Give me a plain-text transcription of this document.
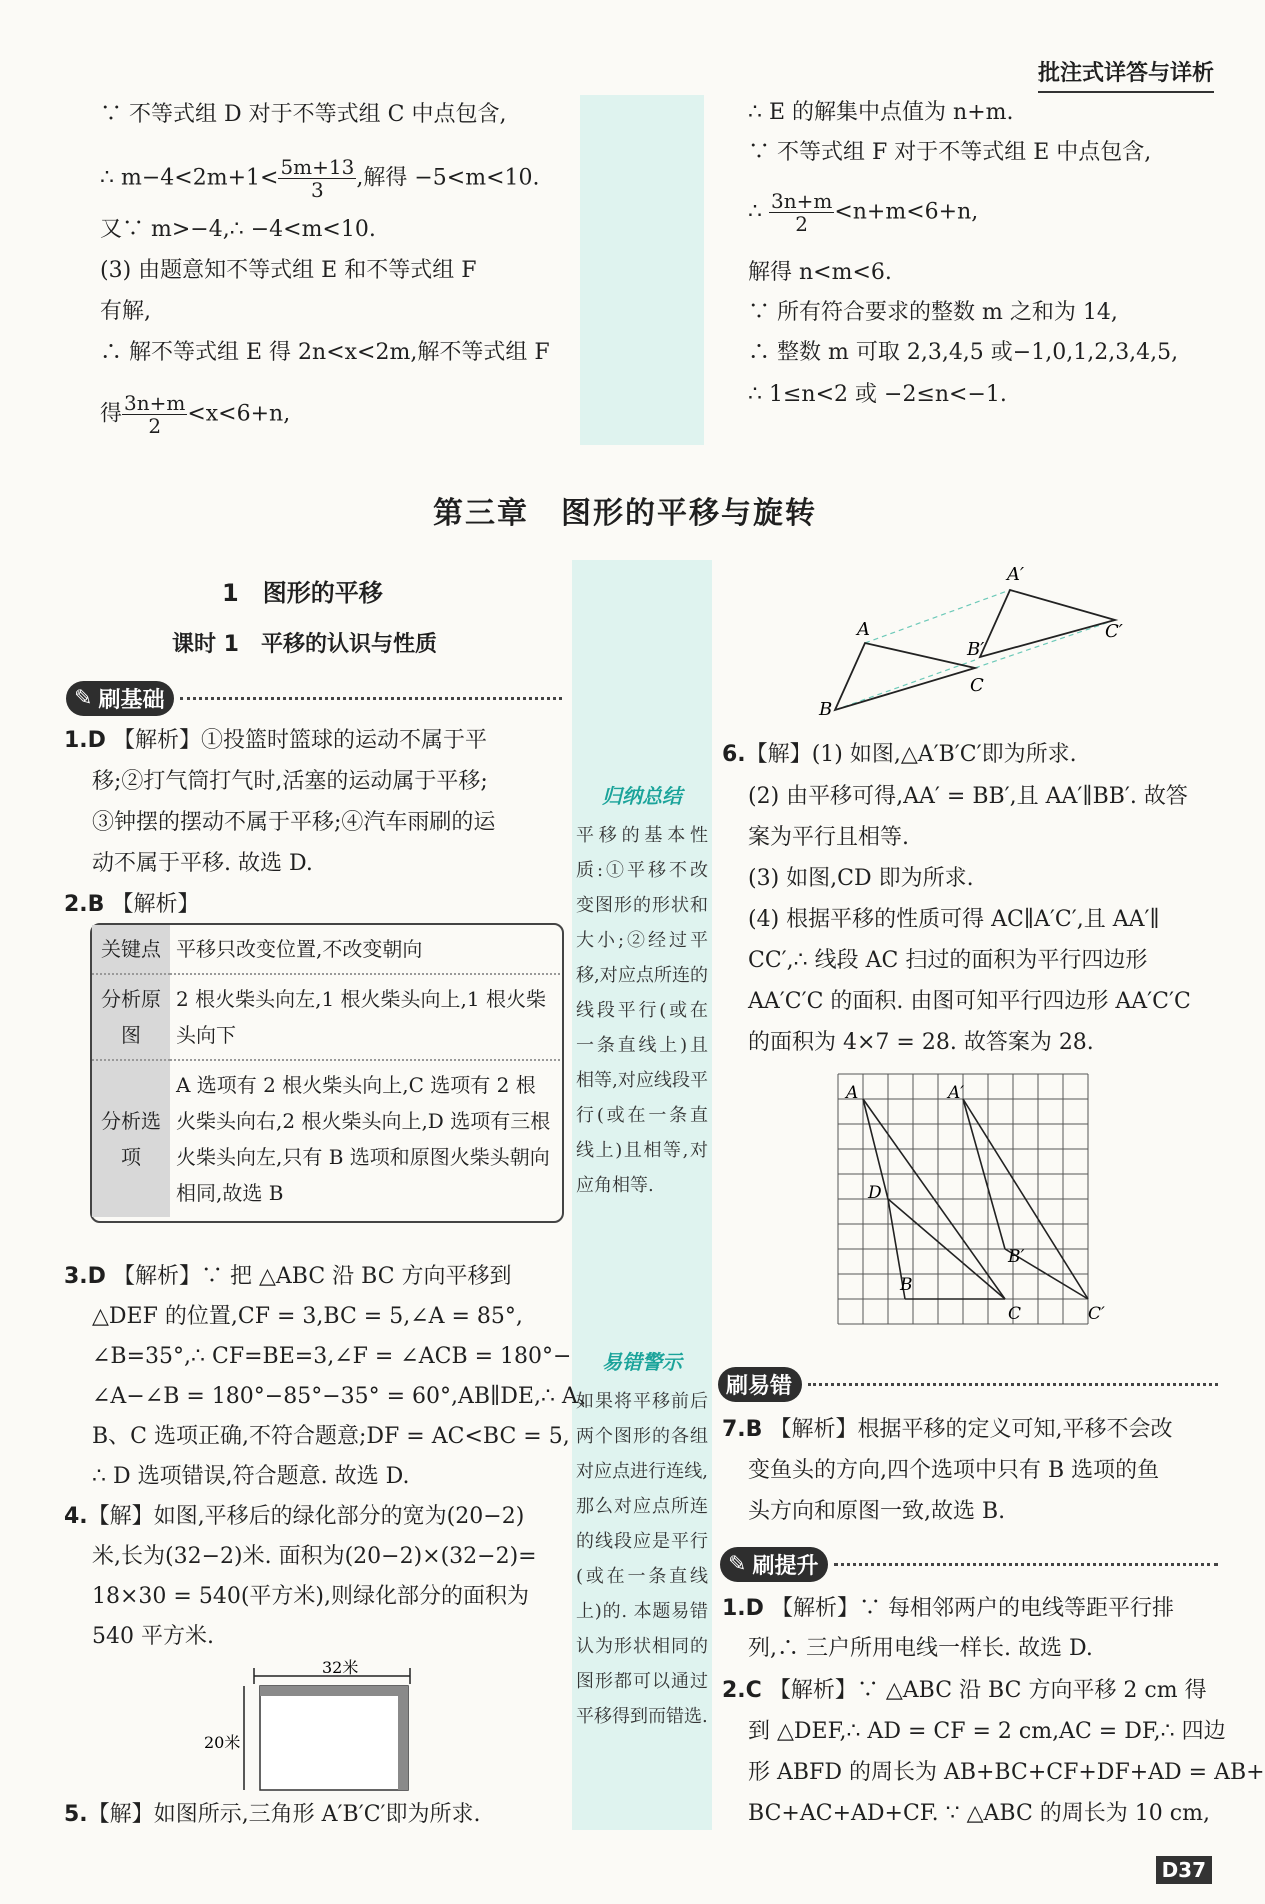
批注式详答与详析
∵ 不等式组 D 对于不等式组 C 中点包含,
∴ $m-4<2m+1< \frac{5m+13}{3}$ ,解得 −5<m<10.
又∵ m>−4,∴ −4<m<10.
(3) 由题意知不等式组 E 和不等式组 F
有解,
∴ 解不等式组 E 得 2n<x<2m,解不等式组 F
得 $\frac{3n+m}{2} <x<6+n$,
∴ E 的解集中点值为 n+m.
∵ 不等式组 F 对于不等式组 E 中点包含,
∴ $\frac{3n+m}{2} <n+m<6+n$,
解得 n<m<6.
∵ 所有符合要求的整数 m 之和为 14,
∴ 整数 m 可取 2,3,4,5 或−1,0,1,2,3,4,5,
∴ 1≤n<2 或 −2≤n<−1.
第三章　图形的平移与旋转
1　图形的平移
课时 1　平移的认识与性质
✎ 刷基础
1.D 【解析】①投篮时篮球的运动不属于平
移;②打气筒打气时,活塞的运动属于平移;
③钟摆的摆动不属于平移;④汽车雨刷的运
动不属于平移. 故选 D.
2.B 【解析】
关键点	平移只改变位置,不改变朝向
分析原图	2 根火柴头向左,1 根火柴头向上,1 根火柴头向下
分析选项	A 选项有 2 根火柴头向上,C 选项有 2 根火柴头向右,2 根火柴头向上,D 选项有三根火柴头向左,只有 B 选项和原图火柴头朝向相同,故选 B
3.D 【解析】∵ 把 △ABC 沿 BC 方向平移到
△DEF 的位置,CF = 3,BC = 5,∠A = 85°,
∠B=35°,∴ CF=BE=3,∠F = ∠ACB = 180°−
∠A−∠B = 180°−85°−35° = 60°,AB∥DE,∴ A、
B、C 选项正确,不符合题意;DF = AC<BC = 5,
∴ D 选项错误,符合题意. 故选 D.
4.【解】如图,平移后的绿化部分的宽为(20−2)
米,长为(32−2)米. 面积为(20−2)×(32−2)=
18×30 = 540(平方米),则绿化部分的面积为
540 平方米.
32米
20米
5.【解】如图所示,三角形 A′B′C′即为所求.
归纳总结
平移的基本性质:①平移不改变图形的形状和大小;②经过平移,对应点所连的线段平行(或在一条直线上)且相等,对应线段平行(或在一条直线上)且相等,对应角相等.
易错警示
如果将平移前后两个图形的各组对应点进行连线,那么对应点所连的线段应是平行(或在一条直线上)的. 本题易错认为形状相同的图形都可以通过平移得到而错选.
A′
A
B′
C′
B
C
6.【解】(1) 如图,△A′B′C′即为所求.
(2) 由平移可得,AA′ = BB′,且 AA′∥BB′. 故答
案为平行且相等.
(3) 如图,CD 即为所求.
(4) 根据平移的性质可得 AC∥A′C′,且 AA′∥
CC′,∴ 线段 AC 扫过的面积为平行四边形
AA′C′C 的面积. 由图可知平行四边形 AA′C′C
的面积为 4×7 = 28. 故答案为 28.
A	A′
D
B′
B
C	C′
刷易错
7.B 【解析】根据平移的定义可知,平移不会改
变鱼头的方向,四个选项中只有 B 选项的鱼
头方向和原图一致,故选 B.
✎ 刷提升
1.D 【解析】∵ 每相邻两户的电线等距平行排
列,∴ 三户所用电线一样长. 故选 D.
2.C 【解析】∵ △ABC 沿 BC 方向平移 2 cm 得
到 △DEF,∴ AD = CF = 2 cm,AC = DF,∴ 四边
形 ABFD 的周长为 AB+BC+CF+DF+AD = AB+
BC+AC+AD+CF. ∵ △ABC 的周长为 10 cm,
D37
